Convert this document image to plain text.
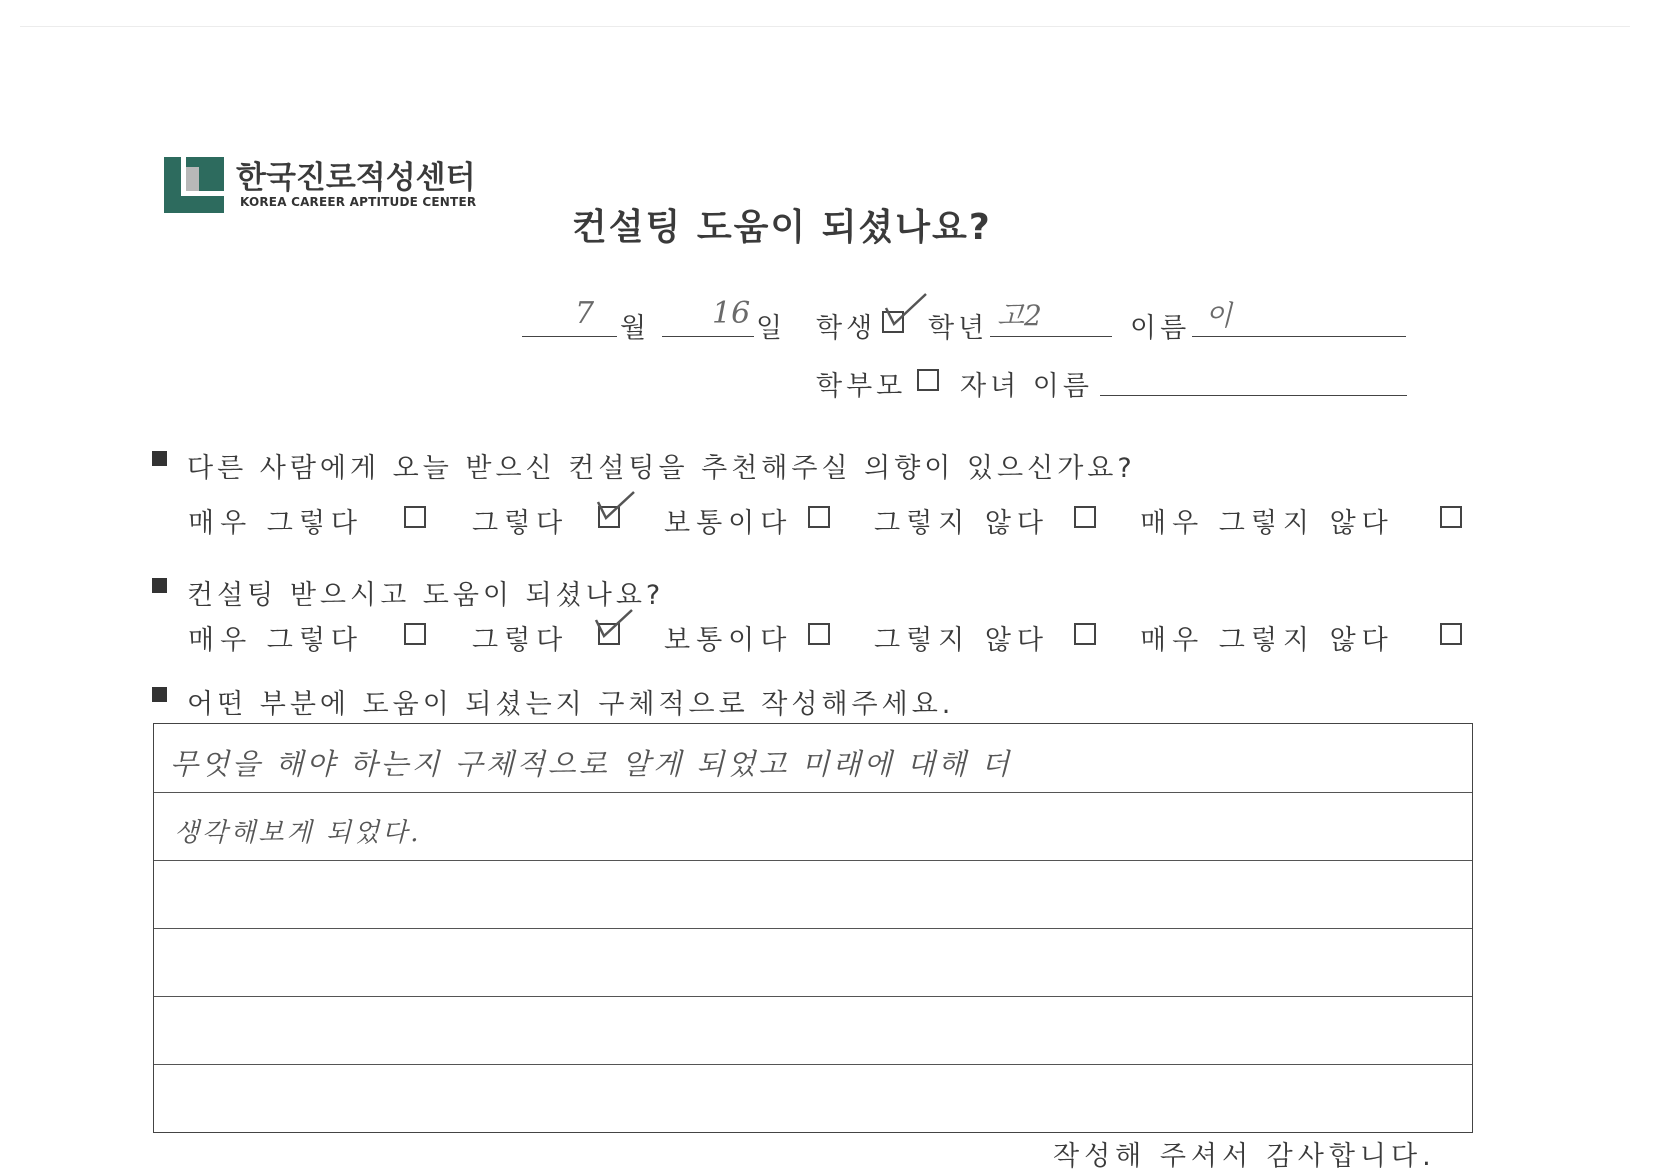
한국진로적성센터
KOREA CAREER APTITUDE CENTER
컨설팅 도움이 되셨나요?
7 월 16 일 학생 학년 고2	이름 이
학부모 자녀 이름
다른 사람에게 오늘 받으신 컨설팅을 추천해주실 의향이 있으신가요?
매우 그렇다	그렇다	보통이다	그렇지 않다	매우 그렇지 않다
컨설팅 받으시고 도움이 되셨나요?
매우 그렇다	그렇다	보통이다	그렇지 않다	매우 그렇지 않다
어떤 부분에 도움이 되셨는지 구체적으로 작성해주세요.
무엇을 해야 하는지 구체적으로 알게 되었고 미래에 대해 더
생각해보게 되었다.
작성해 주셔서 감사합니다.
